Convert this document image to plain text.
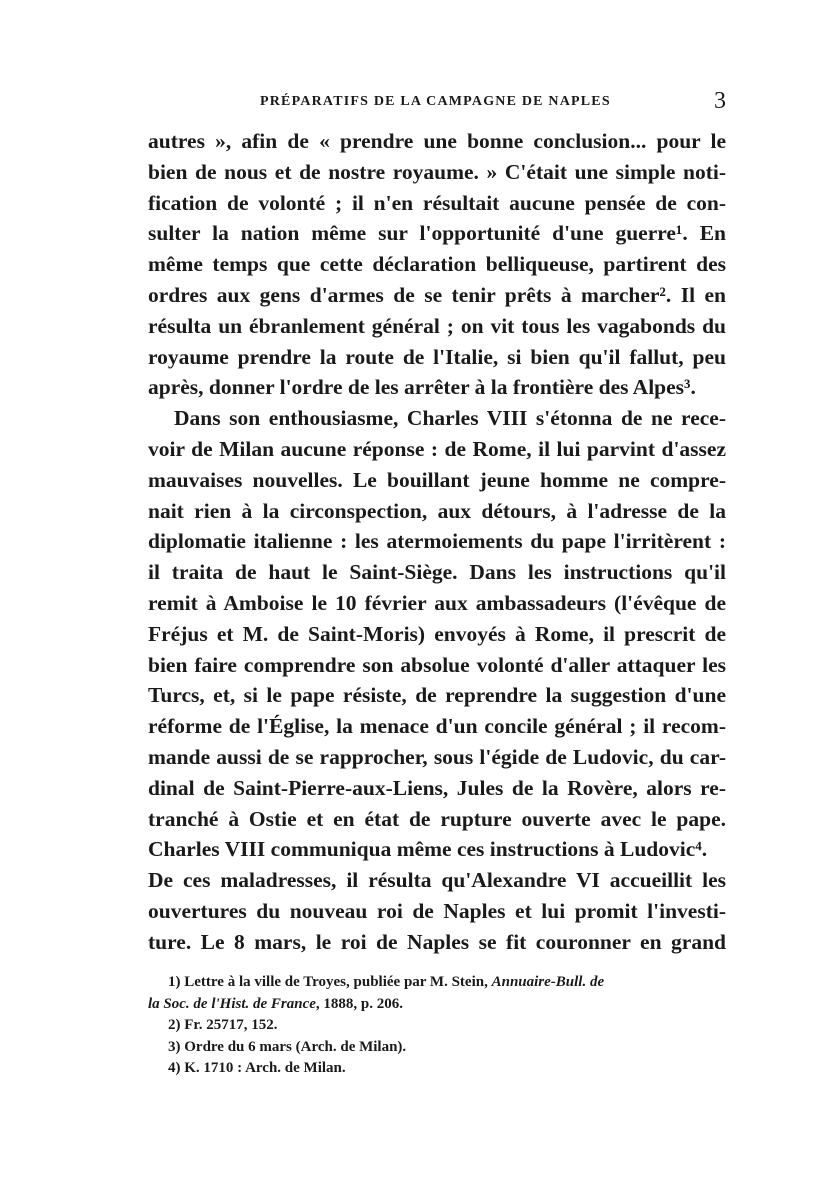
PRÉPARATIFS DE LA CAMPAGNE DE NAPLES	3
autres », afin de « prendre une bonne conclusion... pour le
bien de nous et de nostre royaume. » C'était une simple noti-
fication de volonté ; il n'en résultait aucune pensée de con-
sulter la nation même sur l'opportunité d'une guerre¹. En
même temps que cette déclaration belliqueuse, partirent des
ordres aux gens d'armes de se tenir prêts à marcher². Il en
résulta un ébranlement général ; on vit tous les vagabonds du
royaume prendre la route de l'Italie, si bien qu'il fallut, peu
après, donner l'ordre de les arrêter à la frontière des Alpes³.
Dans son enthousiasme, Charles VIII s'étonna de ne rece-
voir de Milan aucune réponse : de Rome, il lui parvint d'assez
mauvaises nouvelles. Le bouillant jeune homme ne compre-
nait rien à la circonspection, aux détours, à l'adresse de la
diplomatie italienne : les atermoiements du pape l'irritèrent :
il traita de haut le Saint-Siège. Dans les instructions qu'il
remit à Amboise le 10 février aux ambassadeurs (l'évêque de
Fréjus et M. de Saint-Moris) envoyés à Rome, il prescrit de
bien faire comprendre son absolue volonté d'aller attaquer les
Turcs, et, si le pape résiste, de reprendre la suggestion d'une
réforme de l'Église, la menace d'un concile général ; il recom-
mande aussi de se rapprocher, sous l'égide de Ludovic, du car-
dinal de Saint-Pierre-aux-Liens, Jules de la Rovère, alors re-
tranché à Ostie et en état de rupture ouverte avec le pape.
Charles VIII communiqua même ces instructions à Ludovic⁴.
De ces maladresses, il résulta qu'Alexandre VI accueillit les
ouvertures du nouveau roi de Naples et lui promit l'investi-
ture. Le 8 mars, le roi de Naples se fit couronner en grand
1) Lettre à la ville de Troyes, publiée par M. Stein, Annuaire-Bull. de
la Soc. de l'Hist. de France, 1888, p. 206.
2) Fr. 25717, 152.
3) Ordre du 6 mars (Arch. de Milan).
4) K. 1710 : Arch. de Milan.
